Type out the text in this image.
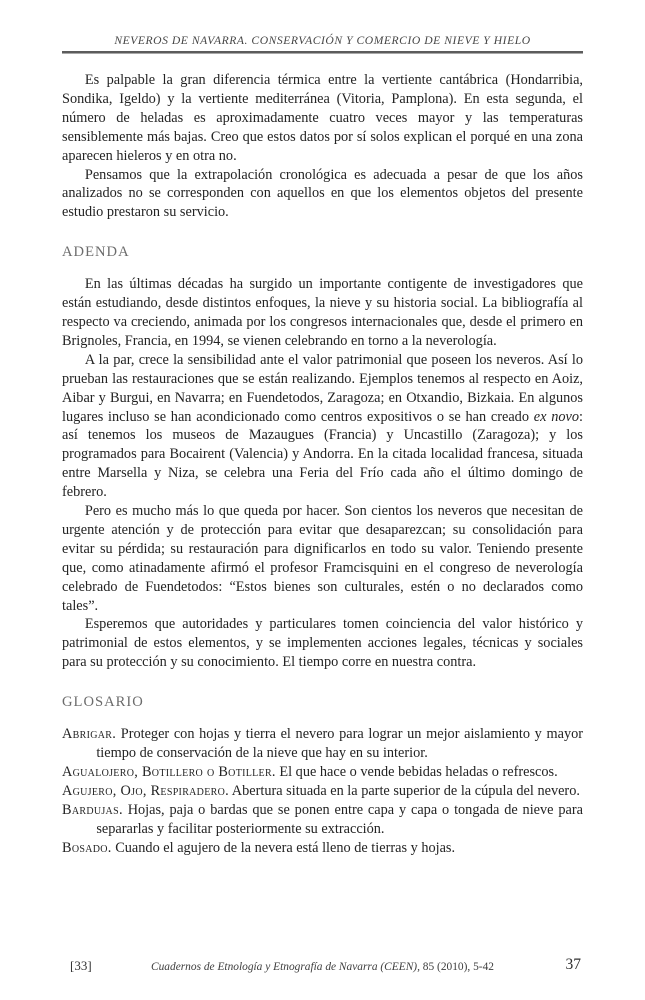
NEVEROS DE NAVARRA. CONSERVACIÓN Y COMERCIO DE NIEVE Y HIELO

Es palpable la gran diferencia térmica entre la vertiente cantábrica (Hondarribia, Sondika, Igeldo) y la vertiente mediterránea (Vitoria, Pamplona). En esta segunda, el número de heladas es aproximadamente cuatro veces mayor y las temperaturas sensiblemente más bajas. Creo que estos datos por sí solos explican el porqué en una zona aparecen hieleros y en otra no.

Pensamos que la extrapolación cronológica es adecuada a pesar de que los años analizados no se corresponden con aquellos en que los elementos objetos del presente estudio prestaron su servicio.

ADENDA

En las últimas décadas ha surgido un importante contigente de investigadores que están estudiando, desde distintos enfoques, la nieve y su historia social. La bibliografía al respecto va creciendo, animada por los congresos internacionales que, desde el primero en Brignoles, Francia, en 1994, se vienen celebrando en torno a la neverología.

A la par, crece la sensibilidad ante el valor patrimonial que poseen los neveros. Así lo prueban las restauraciones que se están realizando. Ejemplos tenemos al respecto en Aoiz, Aibar y Burgui, en Navarra; en Fuendetodos, Zaragoza; en Otxandio, Bizkaia. En algunos lugares incluso se han acondicionado como centros expositivos o se han creado ex novo: así tenemos los museos de Mazaugues (Francia) y Uncastillo (Zaragoza); y los programados para Bocairent (Valencia) y Andorra. En la citada localidad francesa, situada entre Marsella y Niza, se celebra una Feria del Frío cada año el último domingo de febrero.

Pero es mucho más lo que queda por hacer. Son cientos los neveros que necesitan de urgente atención y de protección para evitar que desaparezcan; su consolidación para evitar su pérdida; su restauración para dignificarlos en todo su valor. Teniendo presente que, como atinadamente afirmó el profesor Framcisquini en el congreso de neverología celebrado de Fuendetodos: “Estos bienes son culturales, estén o no declarados como tales”.

Esperemos que autoridades y particulares tomen coinciencia del valor histórico y patrimonial de estos elementos, y se implementen acciones legales, técnicas y sociales para su protección y su conocimiento. El tiempo corre en nuestra contra.

GLOSARIO

Abrigar. Proteger con hojas y tierra el nevero para lograr un mejor aislamiento y mayor tiempo de conservación de la nieve que hay en su interior.

Agualojero, Botillero o Botiller. El que hace o vende bebidas heladas o refrescos.

Agujero, Ojo, Respiradero. Abertura situada en la parte superior de la cúpula del nevero.

Bardujas. Hojas, paja o bardas que se ponen entre capa y capa o tongada de nieve para separarlas y facilitar posteriormente su extracción.

Bosado. Cuando el agujero de la nevera está lleno de tierras y hojas.

[33]	Cuadernos de Etnología y Etnografía de Navarra (CEEN), 85 (2010), 5-42	37
